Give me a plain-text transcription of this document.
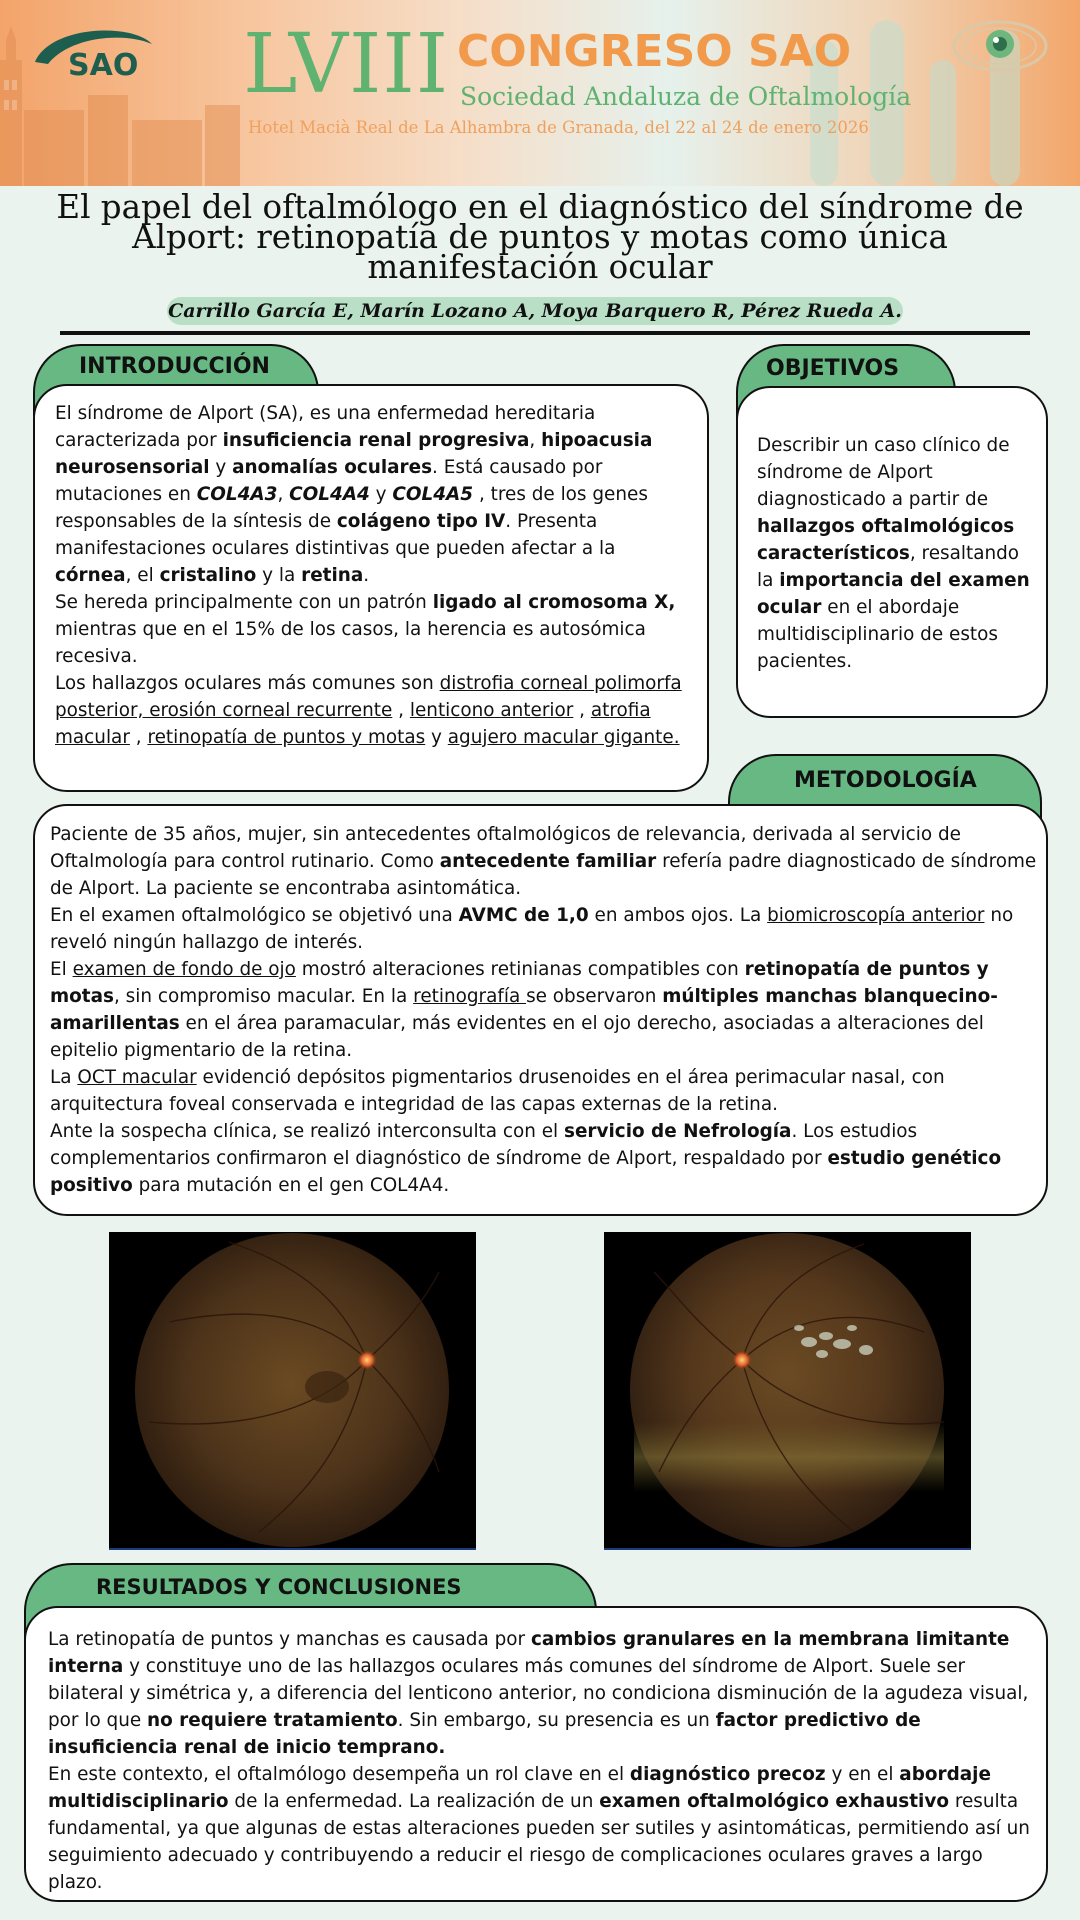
SAO LVIII CONGRESO SAO
Sociedad Andaluza de Oftalmología
Hotel Macià Real de La Alhambra de Granada, del 22 al 24 de enero 2026
El papel del oftalmólogo en el diagnóstico del síndrome de Alport: retinopatía de puntos y motas como única manifestación ocular
Carrillo García E, Marín Lozano A, Moya Barquero R, Pérez Rueda A.
INTRODUCCIÓN

El síndrome de Alport (SA), es una enfermedad hereditaria caracterizada por insuficiencia renal progresiva, hipoacusia neurosensorial y anomalías oculares. Está causado por mutaciones en COL4A3, COL4A4 y COL4A5 , tres de los genes responsables de la síntesis de colágeno tipo IV. Presenta manifestaciones oculares distintivas que pueden afectar a la córnea, el cristalino y la retina.

Se hereda principalmente con un patrón ligado al cromosoma X, mientras que en el 15% de los casos, la herencia es autosómica recesiva.

Los hallazgos oculares más comunes son distrofia corneal polimorfa posterior, erosión corneal recurrente , lenticono anterior , atrofia macular , retinopatía de puntos y motas y agujero macular gigante.

OBJETIVOS

Describir un caso clínico de síndrome de Alport diagnosticado a partir de hallazgos oftalmológicos característicos, resaltando la importancia del examen ocular en el abordaje multidisciplinario de estos pacientes.

METODOLOGÍA

Paciente de 35 años, mujer, sin antecedentes oftalmológicos de relevancia, derivada al servicio de Oftalmología para control rutinario. Como antecedente familiar refería padre diagnosticado de síndrome de Alport. La paciente se encontraba asintomática.

En el examen oftalmológico se objetivó una AVMC de 1,0 en ambos ojos. La biomicroscopía anterior no reveló ningún hallazgo de interés.

El examen de fondo de ojo mostró alteraciones retinianas compatibles con retinopatía de puntos y motas, sin compromiso macular. En la retinografía se observaron múltiples manchas blanquecino-amarillentas en el área paramacular, más evidentes en el ojo derecho, asociadas a alteraciones del epitelio pigmentario de la retina.

La OCT macular evidenció depósitos pigmentarios drusenoides en el área perimacular nasal, con arquitectura foveal conservada e integridad de las capas externas de la retina.

Ante la sospecha clínica, se realizó interconsulta con el servicio de Nefrología. Los estudios complementarios confirmaron el diagnóstico de síndrome de Alport, respaldado por estudio genético positivo para mutación en el gen COL4A4.

RESULTADOS Y CONCLUSIONES

La retinopatía de puntos y manchas es causada por cambios granulares en la membrana limitante interna y constituye uno de las hallazgos oculares más comunes del síndrome de Alport. Suele ser bilateral y simétrica y, a diferencia del lenticono anterior, no condiciona disminución de la agudeza visual, por lo que no requiere tratamiento. Sin embargo, su presencia es un factor predictivo de insuficiencia renal de inicio temprano.

En este contexto, el oftalmólogo desempeña un rol clave en el diagnóstico precoz y en el abordaje multidisciplinario de la enfermedad. La realización de un examen oftalmológico exhaustivo resulta fundamental, ya que algunas de estas alteraciones pueden ser sutiles y asintomáticas, permitiendo así un seguimiento adecuado y contribuyendo a reducir el riesgo de complicaciones oculares graves a largo plazo.
